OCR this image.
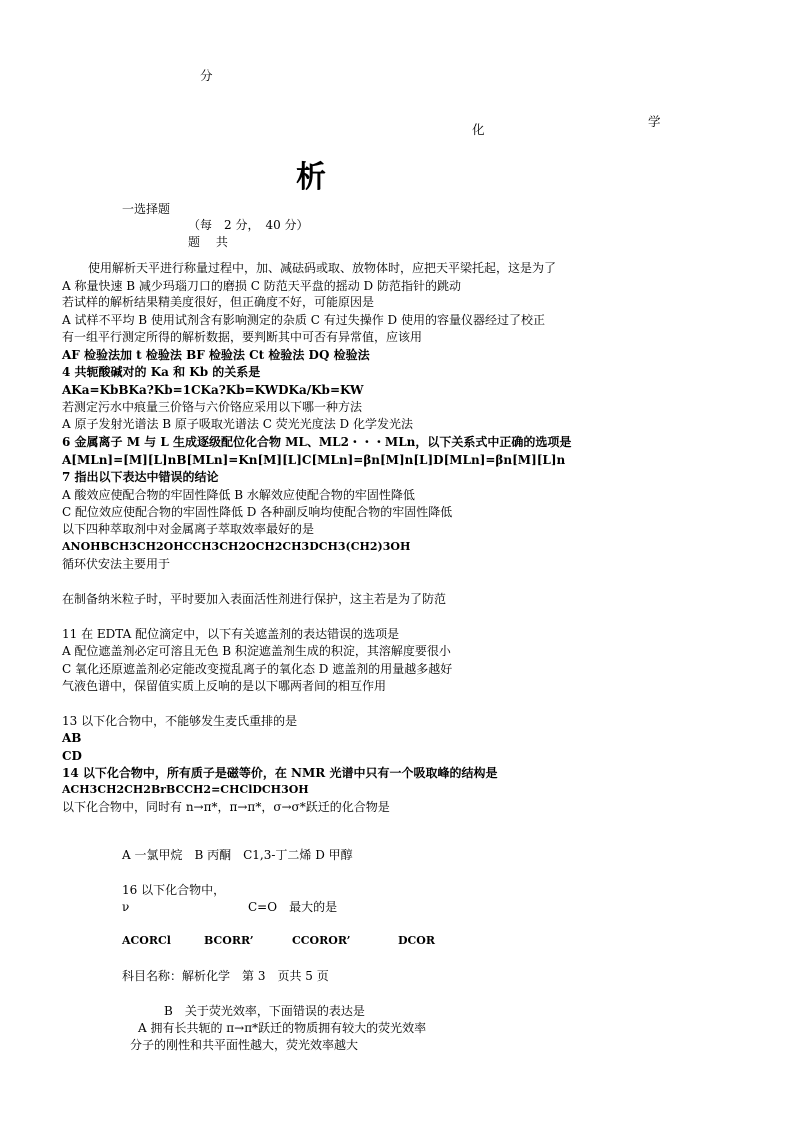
分
学
化
析
一选择题
（每　2 分，　40 分）
题　 共
使用解析天平进行称量过程中，加、减砝码或取、放物体时，应把天平梁托起，这是为了
A 称量快速 B 减少玛瑙刀口的磨损 C 防范天平盘的摇动 D 防范指针的跳动
若试样的解析结果精美度很好，但正确度不好，可能原因是
A 试样不平均 B 使用试剂含有影响测定的杂质 C 有过失操作 D 使用的容量仪器经过了校正
有一组平行测定所得的解析数据，要判断其中可否有异常值，应该用
AF 检验法加 t 检验法 BF 检验法 Ct 检验法 DQ 检验法
4 共轭酸碱对的 Ka 和 Kb 的关系是
AKa=KbBKa?Kb=1CKa?Kb=KWDKa/Kb=KW
若测定污水中痕量三价铬与六价铬应采用以下哪一种方法
A 原子发射光谱法 B 原子吸取光谱法 C 荧光光度法 D 化学发光法
6 金属离子 M 与 L 生成逐级配位化合物 ML、ML2・・・MLn，以下关系式中正确的选项是
A[MLn]=[M][L]nB[MLn]=Kn[M][L]C[MLn]=βn[M]n[L]D[MLn]=βn[M][L]n
7 指出以下表达中错误的结论
A 酸效应使配合物的牢固性降低 B 水解效应使配合物的牢固性降低
C 配位效应使配合物的牢固性降低 D 各种副反响均使配合物的牢固性降低
以下四种萃取剂中对金属离子萃取效率最好的是
ANOHBCH3CH2OHCCH3CH2OCH2CH3DCH3(CH2)3OH
循环伏安法主要用于
在制备纳米粒子时，平时要加入表面活性剂进行保护，这主若是为了防范
11 在 EDTA 配位滴定中，以下有关遮盖剂的表达错误的选项是
A 配位遮盖剂必定可溶且无色 B 积淀遮盖剂生成的积淀，其溶解度要很小
C 氧化还原遮盖剂必定能改变搅乱离子的氧化态 D 遮盖剂的用量越多越好
气液色谱中，保留值实质上反响的是以下哪两者间的相互作用
13 以下化合物中，不能够发生麦氏重排的是
AB
CD
14 以下化合物中，所有质子是磁等价，在 NMR 光谱中只有一个吸取峰的结构是
ACH3CH2CH2BrBCCH2=CHClDCH3OH
以下化合物中，同时有 n→π*，π→π*，σ→σ*跃迁的化合物是
A 一氯甲烷　B 丙酮　C1,3-丁二烯 D 甲醇
16 以下化合物中，
ν	C=O　最大的是
ACORCl	BCORR’	CCOROR’	DCOR
科目名称：解析化学　第 3　页共 5 页
B　关于荧光效率，下面错误的表达是
A 拥有长共轭的 π→π*跃迁的物质拥有较大的荧光效率
分子的刚性和共平面性越大，荧光效率越大
